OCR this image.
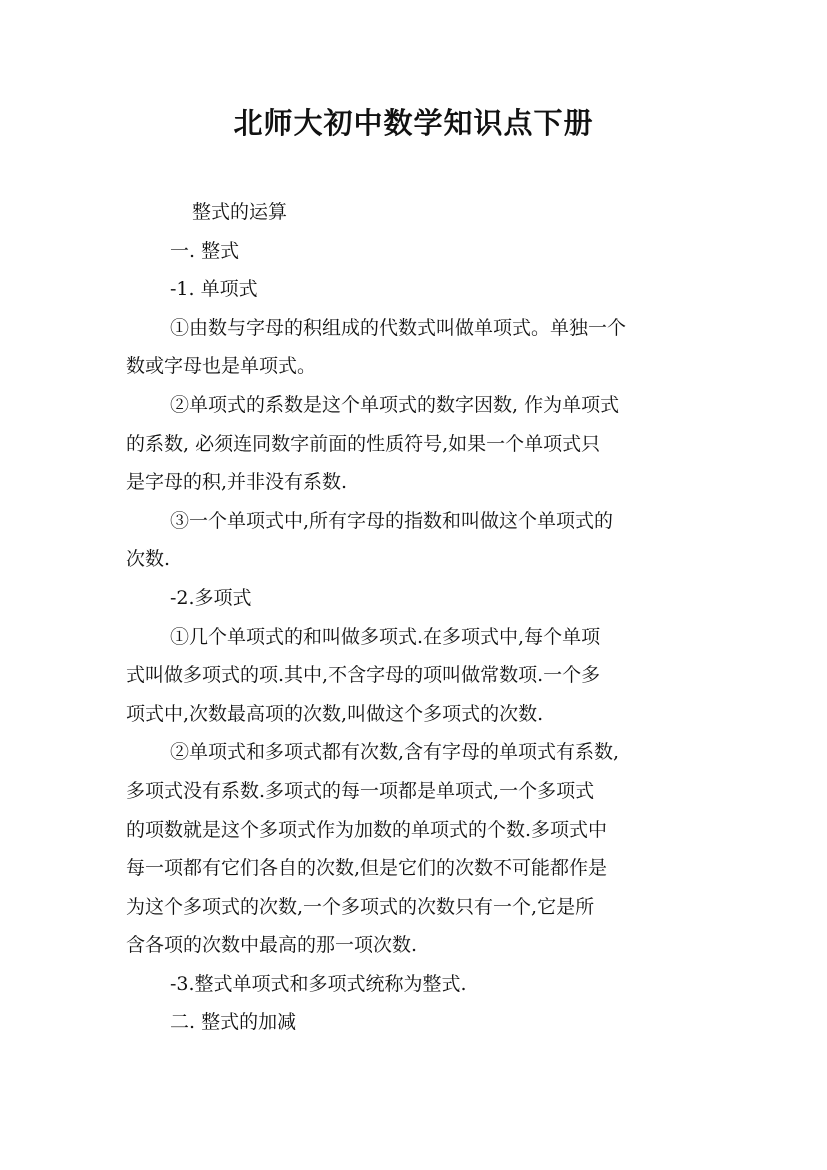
北师大初中数学知识点下册
整式的运算
一. 整式
-1. 单项式
①由数与字母的积组成的代数式叫做单项式。单独一个
数或字母也是单项式。
②单项式的系数是这个单项式的数字因数, 作为单项式
的系数, 必须连同数字前面的性质符号,如果一个单项式只
是字母的积,并非没有系数.
③一个单项式中,所有字母的指数和叫做这个单项式的
次数.
-2.多项式
①几个单项式的和叫做多项式.在多项式中,每个单项
式叫做多项式的项.其中,不含字母的项叫做常数项.一个多
项式中,次数最高项的次数,叫做这个多项式的次数.
②单项式和多项式都有次数,含有字母的单项式有系数,
多项式没有系数.多项式的每一项都是单项式,一个多项式
的项数就是这个多项式作为加数的单项式的个数.多项式中
每一项都有它们各自的次数,但是它们的次数不可能都作是
为这个多项式的次数,一个多项式的次数只有一个,它是所
含各项的次数中最高的那一项次数.
-3.整式单项式和多项式统称为整式.
二. 整式的加减
